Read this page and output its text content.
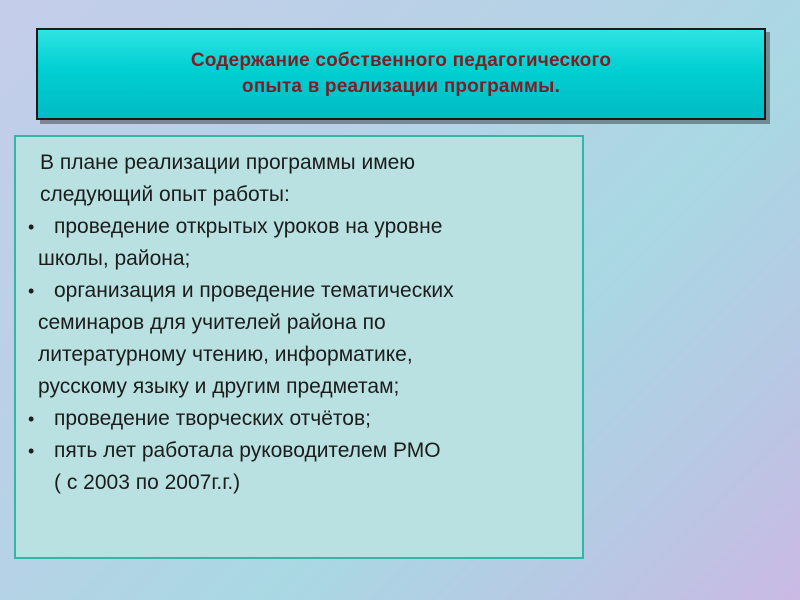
Содержание собственного педагогического
опыта в реализации программы.
В плане реализации программы имею
следующий опыт работы:
• проведение открытых уроков на уровне
школы, района;
• организация и проведение тематических
семинаров для учителей района по
литературному чтению, информатике,
русскому языку и другим предметам;
• проведение творческих отчётов;
• пять лет работала руководителем РМО
( с 2003 по 2007г.г.)
